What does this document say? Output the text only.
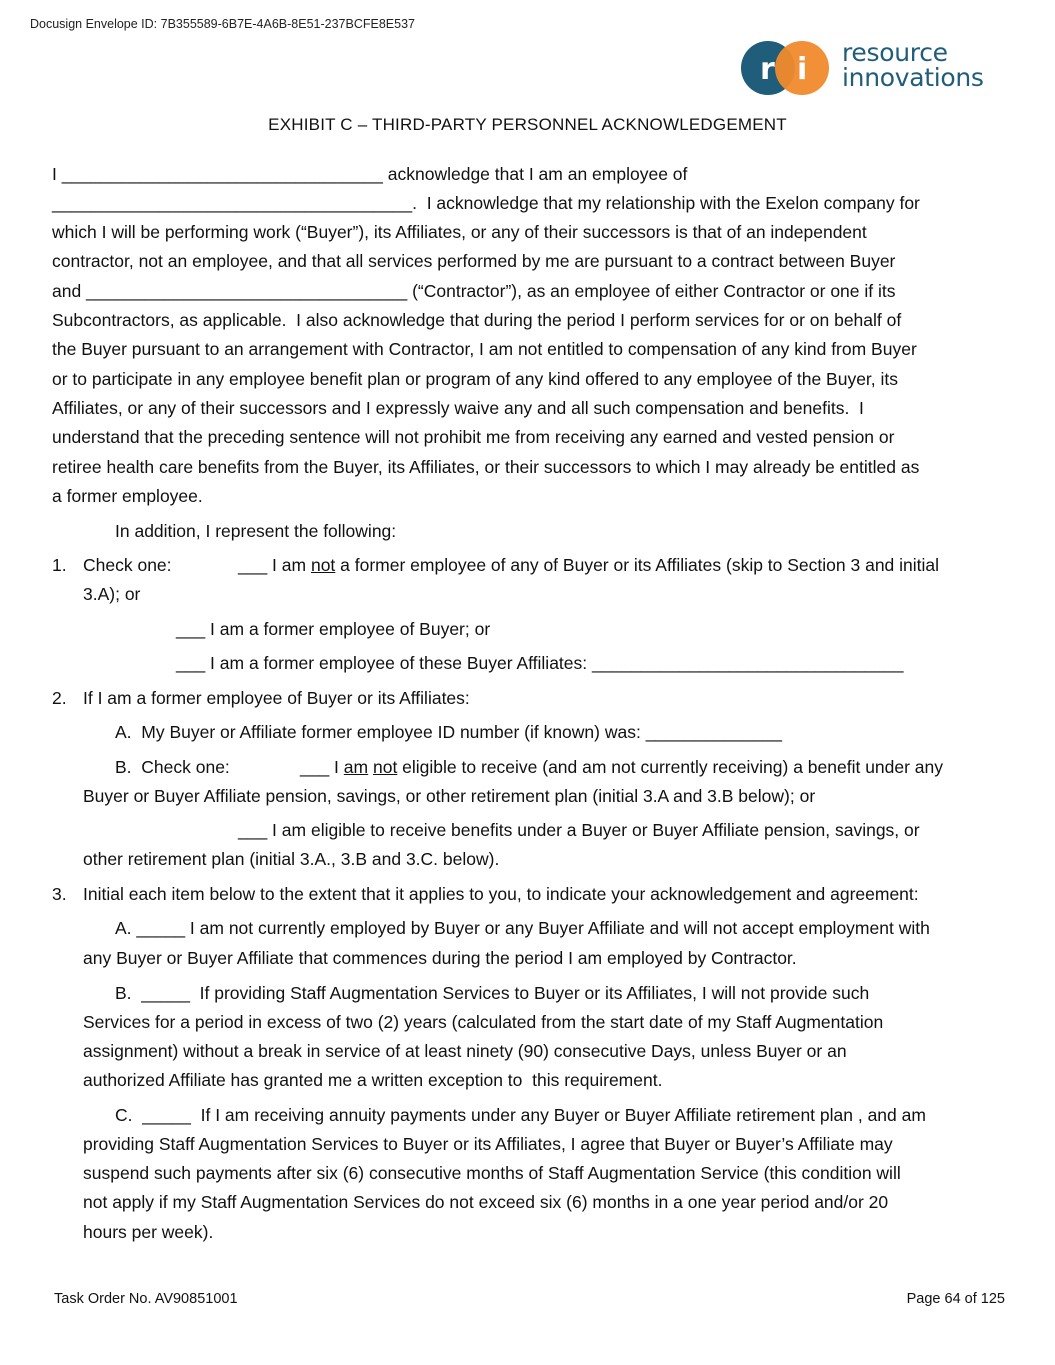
Docusign Envelope ID: 7B355589-6B7E-4A6B-8E51-237BCFE8E537
r i resource
innovations
EXHIBIT C – THIRD-PARTY PERSONNEL ACKNOWLEDGEMENT
I _________________________________ acknowledge that I am an employee of
_____________________________________.  I acknowledge that my relationship with the Exelon company for
which I will be performing work (“Buyer”), its Affiliates, or any of their successors is that of an independent
contractor, not an employee, and that all services performed by me are pursuant to a contract between Buyer
and _________________________________ (“Contractor”), as an employee of either Contractor or one if its
Subcontractors, as applicable.  I also acknowledge that during the period I perform services for or on behalf of
the Buyer pursuant to an arrangement with Contractor, I am not entitled to compensation of any kind from Buyer
or to participate in any employee benefit plan or program of any kind offered to any employee of the Buyer, its
Affiliates, or any of their successors and I expressly waive any and all such compensation and benefits.  I
understand that the preceding sentence will not prohibit me from receiving any earned and vested pension or
retiree health care benefits from the Buyer, its Affiliates, or their successors to which I may already be entitled as
a former employee.
In addition, I represent the following:
1. Check one:	___ I am not a former employee of any of Buyer or its Affiliates (skip to Section 3 and initial
3.A); or
___ I am a former employee of Buyer; or
___ I am a former employee of these Buyer Affiliates: ________________________________
2. If I am a former employee of Buyer or its Affiliates:
A.  My Buyer or Affiliate former employee ID number (if known) was: ______________
B.  Check one:	___ I am not eligible to receive (and am not currently receiving) a benefit under any
Buyer or Buyer Affiliate pension, savings, or other retirement plan (initial 3.A and 3.B below); or
___ I am eligible to receive benefits under a Buyer or Buyer Affiliate pension, savings, or
other retirement plan (initial 3.A., 3.B and 3.C. below).
3. Initial each item below to the extent that it applies to you, to indicate your acknowledgement and agreement:
A. _____ I am not currently employed by Buyer or any Buyer Affiliate and will not accept employment with
any Buyer or Buyer Affiliate that commences during the period I am employed by Contractor.
B.  _____  If providing Staff Augmentation Services to Buyer or its Affiliates, I will not provide such
Services for a period in excess of two (2) years (calculated from the start date of my Staff Augmentation
assignment) without a break in service of at least ninety (90) consecutive Days, unless Buyer or an
authorized Affiliate has granted me a written exception to  this requirement.
C.  _____  If I am receiving annuity payments under any Buyer or Buyer Affiliate retirement plan , and am
providing Staff Augmentation Services to Buyer or its Affiliates, I agree that Buyer or Buyer’s Affiliate may
suspend such payments after six (6) consecutive months of Staff Augmentation Service (this condition will
not apply if my Staff Augmentation Services do not exceed six (6) months in a one year period and/or 20
hours per week).
Task Order No. AV90851001	Page 64 of 125
